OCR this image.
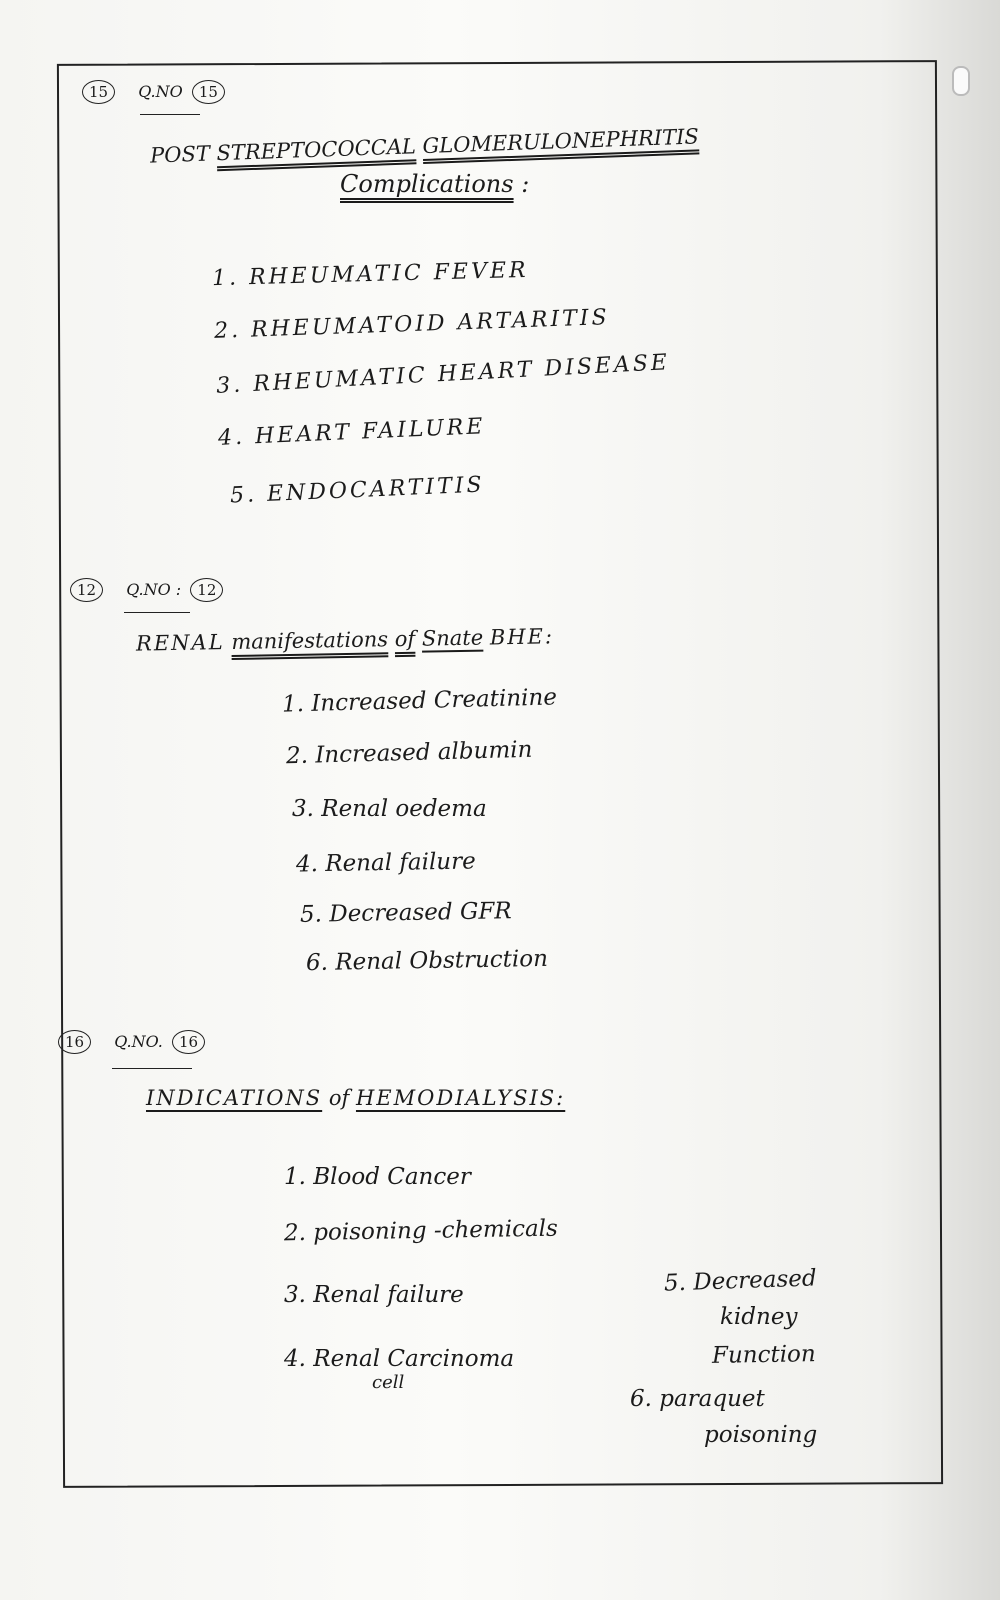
15 Q.NO 15
POST STREPTOCOCCAL GLOMERULONEPHRITIS
Complications :
1. RHEUMATIC FEVER
2. RHEUMATOID ARTARITIS
3. RHEUMATIC HEART DISEASE
4. HEART FAILURE
5. ENDOCARTITIS
12 Q.NO : 12
RENAL manifestations of Snate BHE:
1. Increased Creatinine
2. Increased albumin
3. Renal oedema
4. Renal failure
5. Decreased GFR
6. Renal Obstruction
16 Q.NO. 16
INDICATIONS of HEMODIALYSIS:
1. Blood Cancer
2. poisoning -chemicals
3. Renal failure
4. Renal Carcinoma
cell
5. Decreased
kidney
Function
6. paraquet
poisoning
